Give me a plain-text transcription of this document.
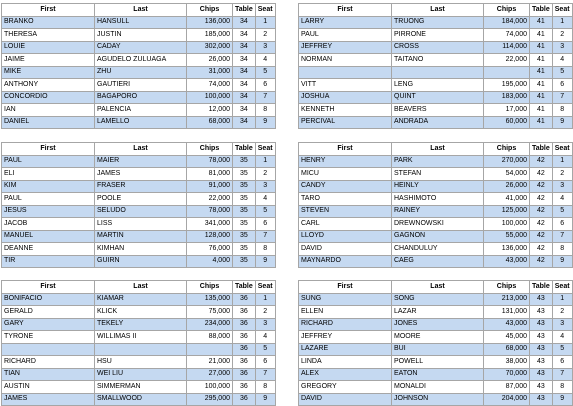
First	Last	Chips	Table	Seat
BRANKO	HANSULL	136,000	34	1
THERESA	JUSTIN	185,000	34	2
LOUIE	CADAY	302,000	34	3
JAIME	AGUDELO ZULUAGA	26,000	34	4
MIKE	ZHU	31,000	34	5
ANTHONY	GAUTIERI	74,000	34	6
CONCORDIO	BAGAPORO	100,000	34	7
IAN	PALENCIA	12,000	34	8
DANIEL	LAMELLO	68,000	34	9
First	Last	Chips	Table	Seat
LARRY	TRUONG	184,000	41	1
PAUL	PIRRONE	74,000	41	2
JEFFREY	CROSS	114,000	41	3
NORMAN	TAITANO	22,000	41	4
			41	5
VITT	LENG	195,000	41	6
JOSHUA	QUINT	183,000	41	7
KENNETH	BEAVERS	17,000	41	8
PERCIVAL	ANDRADA	60,000	41	9
First	Last	Chips	Table	Seat
PAUL	MAIER	78,000	35	1
ELI	JAMES	81,000	35	2
KIM	FRASER	91,000	35	3
PAUL	POOLE	22,000	35	4
JESUS	SELUDO	78,000	35	5
JACOB	LISS	341,000	35	6
MANUEL	MARTIN	128,000	35	7
DEANNE	KIMHAN	76,000	35	8
TIR	GUIRN	4,000	35	9
First	Last	Chips	Table	Seat
HENRY	PARK	270,000	42	1
MICU	STEFAN	54,000	42	2
CANDY	HEINLY	26,000	42	3
TARO	HASHIMOTO	41,000	42	4
STEVEN	RAINEY	125,000	42	5
CARL	DREWNOWSKI	100,000	42	6
LLOYD	GAGNON	55,000	42	7
DAVID	CHANDULUY	136,000	42	8
MAYNARDO	CAEG	43,000	42	9
First	Last	Chips	Table	Seat
BONIFACIO	KIAMAR	135,000	36	1
GERALD	KLICK	75,000	36	2
GARY	TEKELY	234,000	36	3
TYRONE	WILLIMAS II	88,000	36	4
			36	5
RICHARD	HSU	21,000	36	6
TIAN	WEI LIU	27,000	36	7
AUSTIN	SIMMERMAN	100,000	36	8
JAMES	SMALLWOOD	295,000	36	9
First	Last	Chips	Table	Seat
SUNG	SONG	213,000	43	1
ELLEN	LAZAR	131,000	43	2
RICHARD	JONES	43,000	43	3
JEFFREY	MOORE	45,000	43	4
LAZARE	BUI	68,000	43	5
LINDA	POWELL	38,000	43	6
ALEX	EATON	70,000	43	7
GREGORY	MONALDI	87,000	43	8
DAVID	JOHNSON	204,000	43	9
